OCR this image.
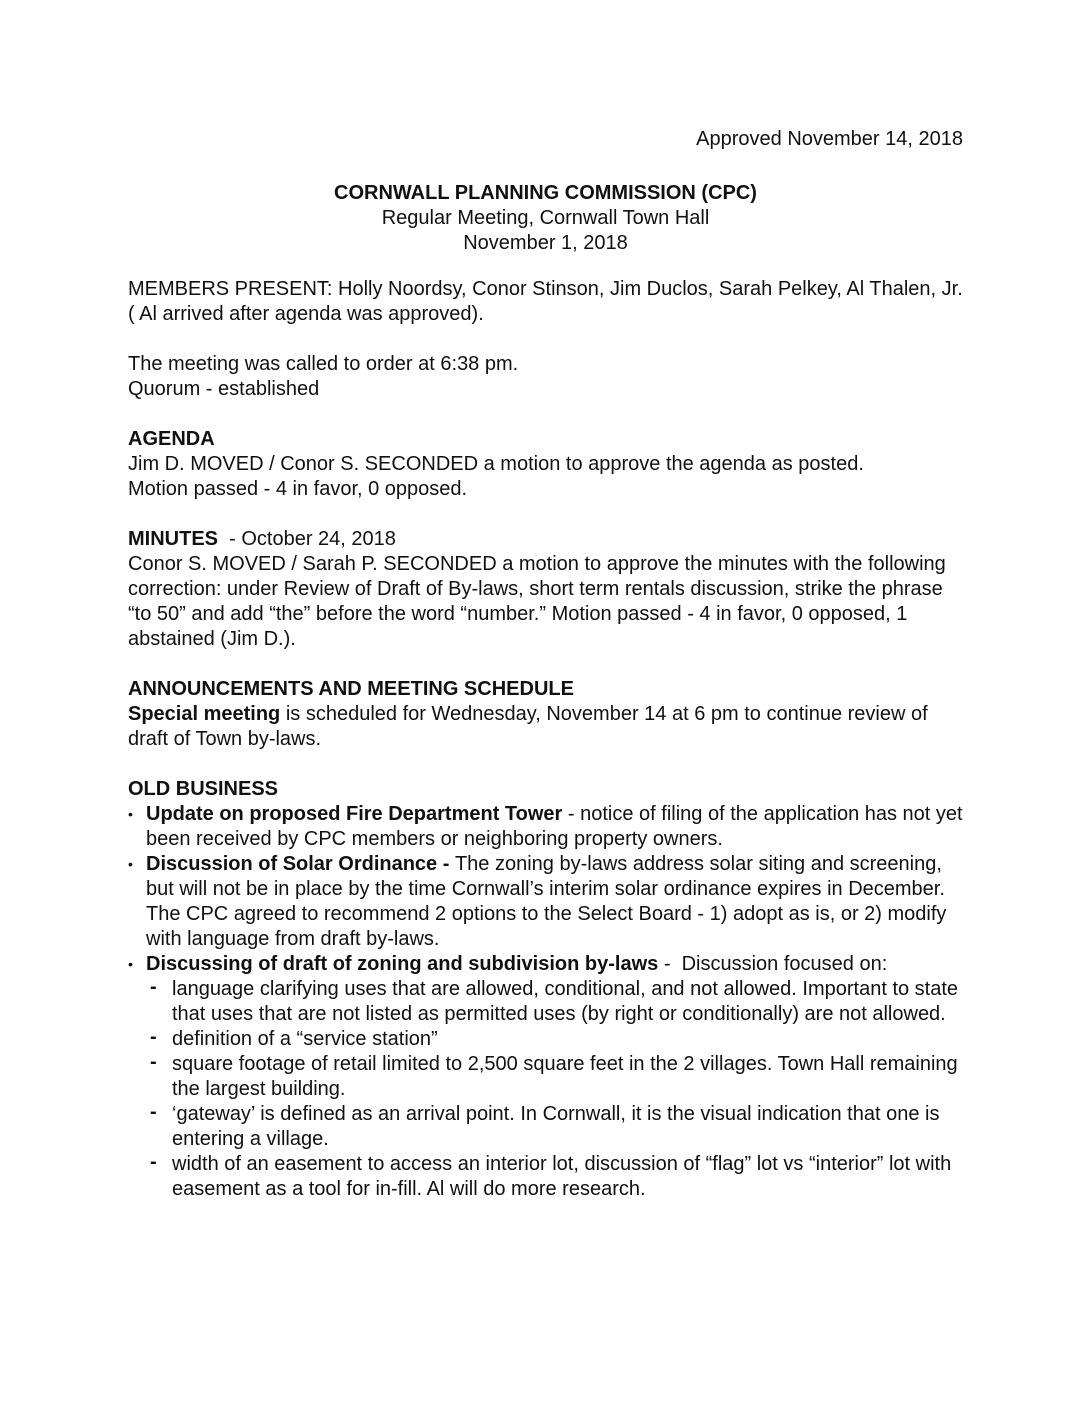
Approved November 14, 2018

CORNWALL PLANNING COMMISSION (CPC)
Regular Meeting, Cornwall Town Hall
November 1, 2018

MEMBERS PRESENT: Holly Noordsy, Conor Stinson, Jim Duclos, Sarah Pelkey, Al Thalen, Jr. ( Al arrived after agenda was approved).

The meeting was called to order at 6:38 pm.

Quorum - established

AGENDA

Jim D. MOVED / Conor S. SECONDED a motion to approve the agenda as posted.

Motion passed - 4 in favor, 0 opposed.

MINUTES  - October 24, 2018

Conor S. MOVED / Sarah P. SECONDED a motion to approve the minutes with the following correction: under Review of Draft of By-laws, short term rentals discussion, strike the phrase “to 50” and add “the” before the word “number.” Motion passed - 4 in favor, 0 opposed, 1 abstained (Jim D.).

ANNOUNCEMENTS AND MEETING SCHEDULE

Special meeting is scheduled for Wednesday, November 14 at 6 pm to continue review of draft of Town by-laws.

OLD BUSINESS
• Update on proposed Fire Department Tower - notice of filing of the application has not yet been received by CPC members or neighboring property owners.
• Discussion of Solar Ordinance - The zoning by-laws address solar siting and screening, but will not be in place by the time Cornwall’s interim solar ordinance expires in December. The CPC agreed to recommend 2 options to the Select Board - 1) adopt as is, or 2) modify with language from draft by-laws.
• Discussing of draft of zoning and subdivision by-laws -  Discussion focused on:
- language clarifying uses that are allowed, conditional, and not allowed. Important to state that uses that are not listed as permitted uses (by right or conditionally) are not allowed.
- definition of a “service station”
- square footage of retail limited to 2,500 square feet in the 2 villages. Town Hall remaining the largest building.
- ‘gateway’ is defined as an arrival point. In Cornwall, it is the visual indication that one is entering a village.
- width of an easement to access an interior lot, discussion of “flag” lot vs “interior” lot with easement as a tool for in-fill. Al will do more research.
